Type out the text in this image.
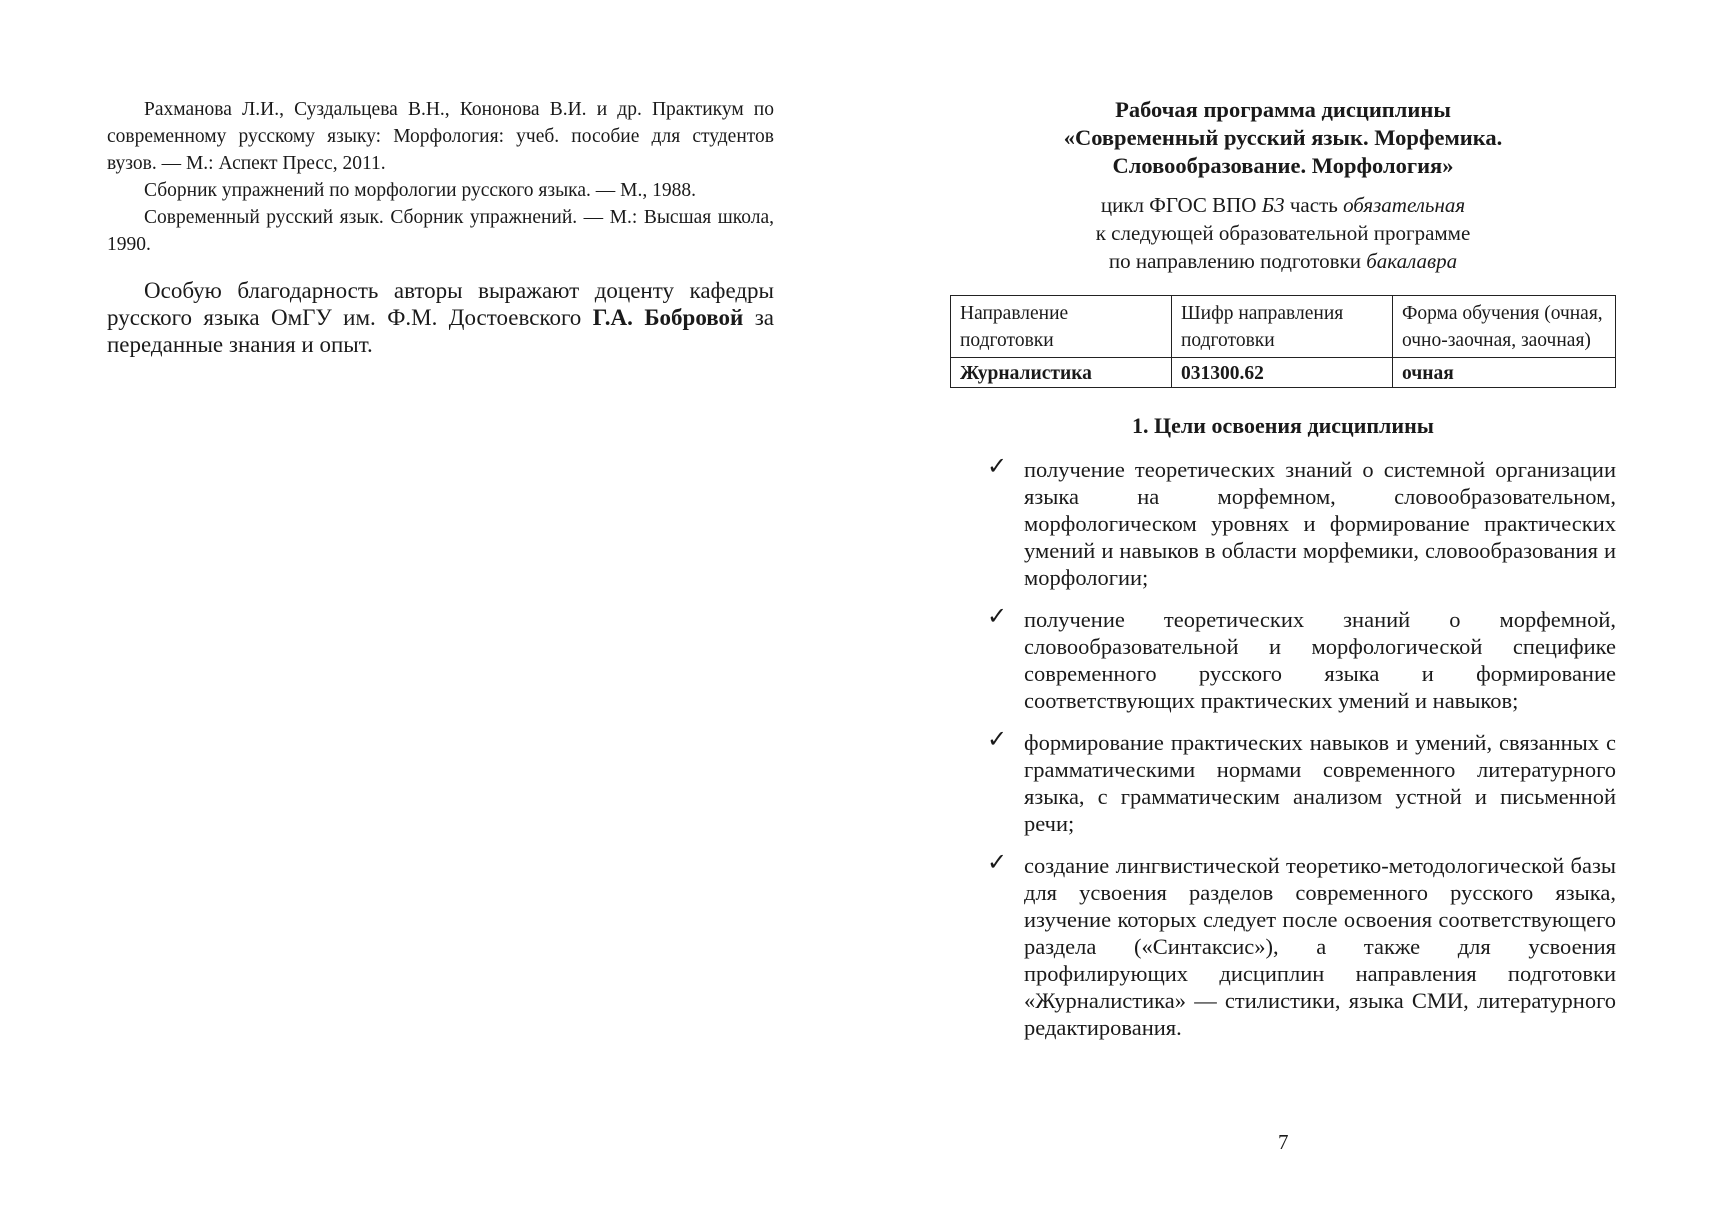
Рахманова Л.И., Суздальцева В.Н., Кононова В.И. и др. Практикум по современному русскому языку: Морфология: учеб. пособие для студентов вузов. — М.: Аспект Пресс, 2011.

Сборник упражнений по морфологии русского языка. — М., 1988.

Современный русский язык. Сборник упражнений. — М.: Высшая школа, 1990.

Особую благодарность авторы выражают доценту кафедры русского языка ОмГУ им. Ф.М. Достоевского Г.А. Бобровой за переданные знания и опыт.

Рабочая программа дисциплины

«Современный русский язык. Морфемика.

Словообразование. Морфология»

цикл ФГОС ВПО Б3 часть обязательная
к следующей образовательной программе
по направлению подготовки бакалавра
Направление подготовки	Шифр направления подготовки	Форма обучения (очная, очно-заочная, заочная)
Журналистика	031300.62	очная
1. Цели освоения дисциплины
✓ получение теоретических знаний о системной организации языка на морфемном, словообразовательном, морфологическом уровнях и формирование практических умений и навыков в области морфемики, словообразования и морфологии;
✓ получение теоретических знаний о морфемной, словообразовательной и морфологической специфике современного русского языка и формирование соответствующих практических умений и навыков;
✓ формирование практических навыков и умений, связанных с грамматическими нормами современного литературного языка, с грамматическим анализом устной и письменной речи;
✓ создание лингвистической теоретико-методологической базы для усвоения разделов современного русского языка, изучение которых следует после освоения соответствующего раздела («Синтаксис»), а также для усвоения профилирующих дисциплин направления подготовки «Журналистика» — стилистики, языка СМИ, литературного редактирования.
7
